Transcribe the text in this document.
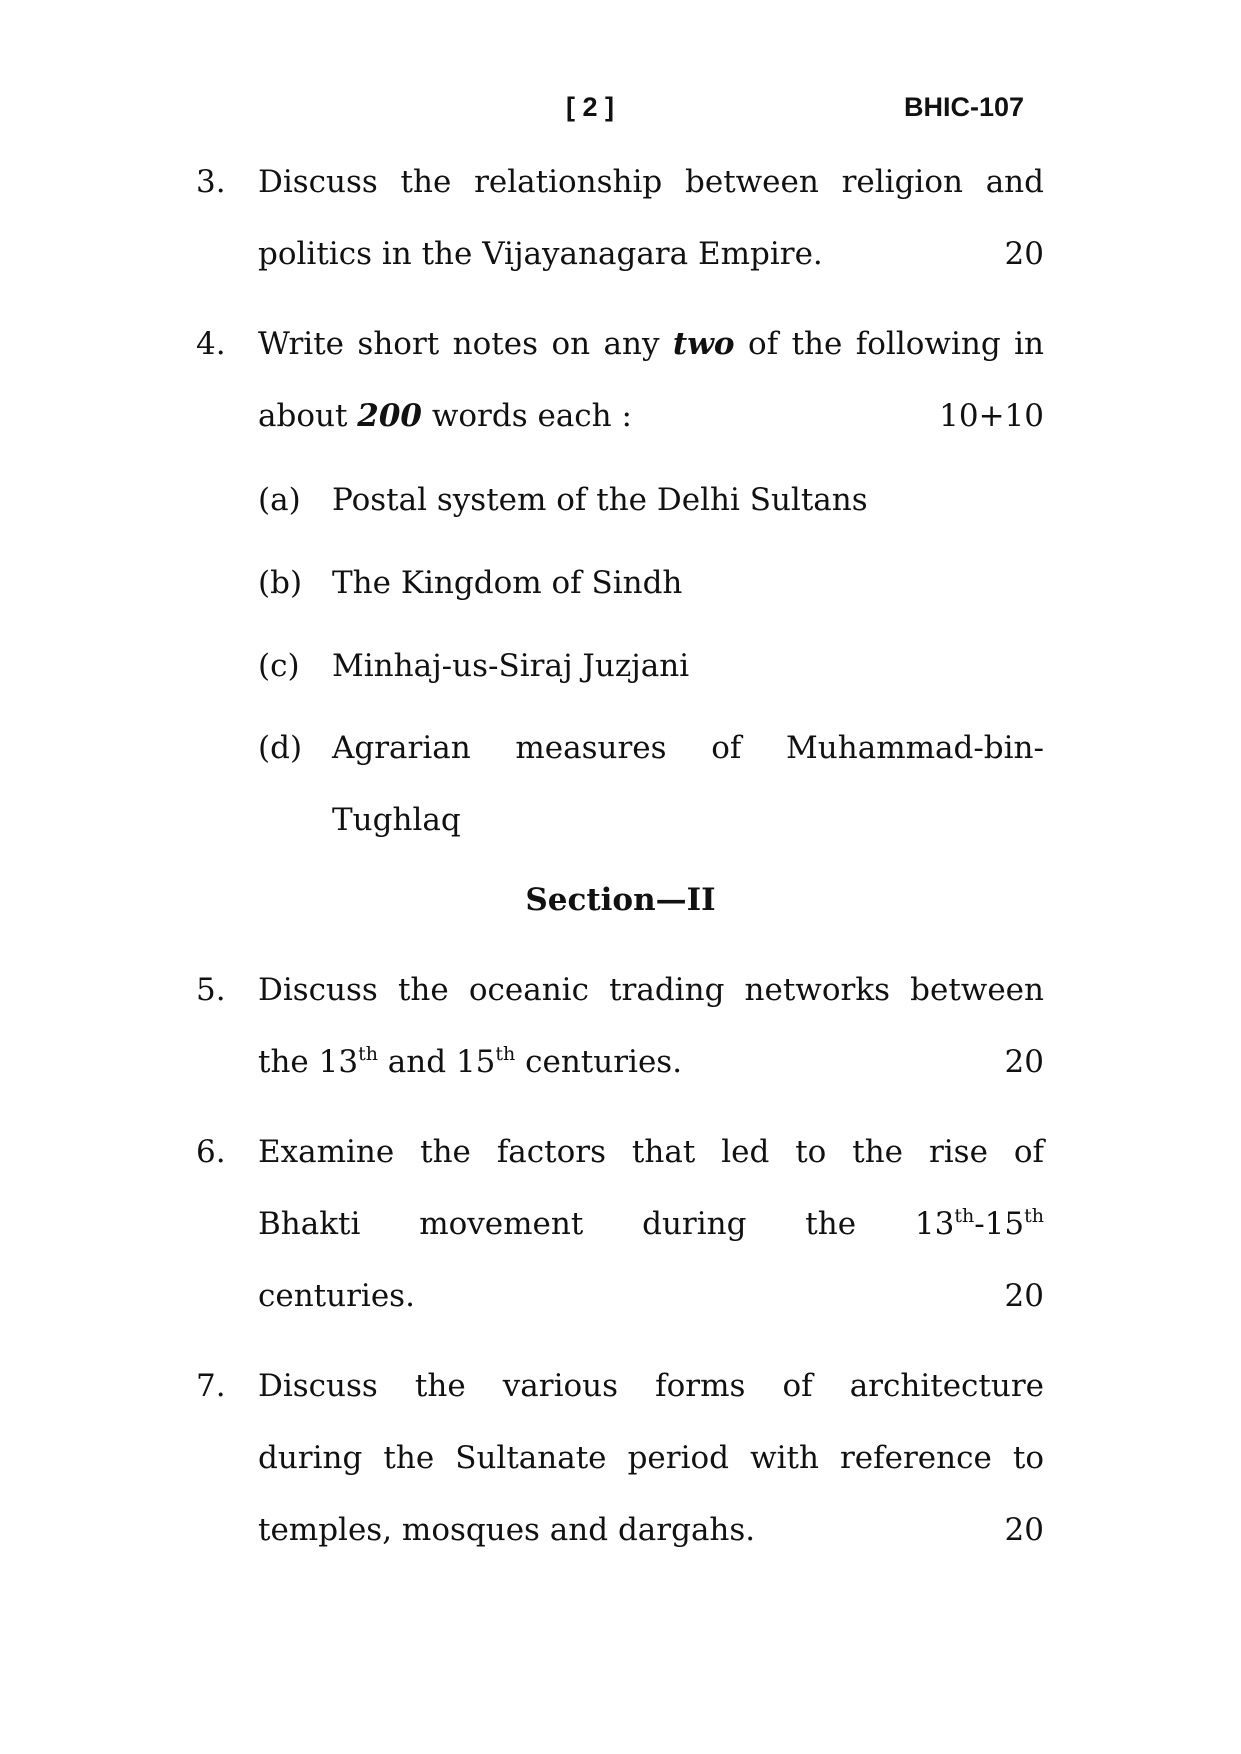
[ 2 ]	BHIC-107
3. Discuss the relationship between religion and
politics in the Vijayanagara Empire.	20
4. Write short notes on any two of the following in
about 200 words each :	10+10
(a) Postal system of the Delhi Sultans
(b) The Kingdom of Sindh
(c) Minhaj-us-Siraj Juzjani
(d) Agrarian measures of Muhammad-bin-
Tughlaq
Section—II
5. Discuss the oceanic trading networks between
the 13th and 15th centuries.	20
6. Examine the factors that led to the rise of
Bhakti movement during the 13th-15th
centuries.	20
7. Discuss the various forms of architecture
during the Sultanate period with reference to
temples, mosques and dargahs.	20
